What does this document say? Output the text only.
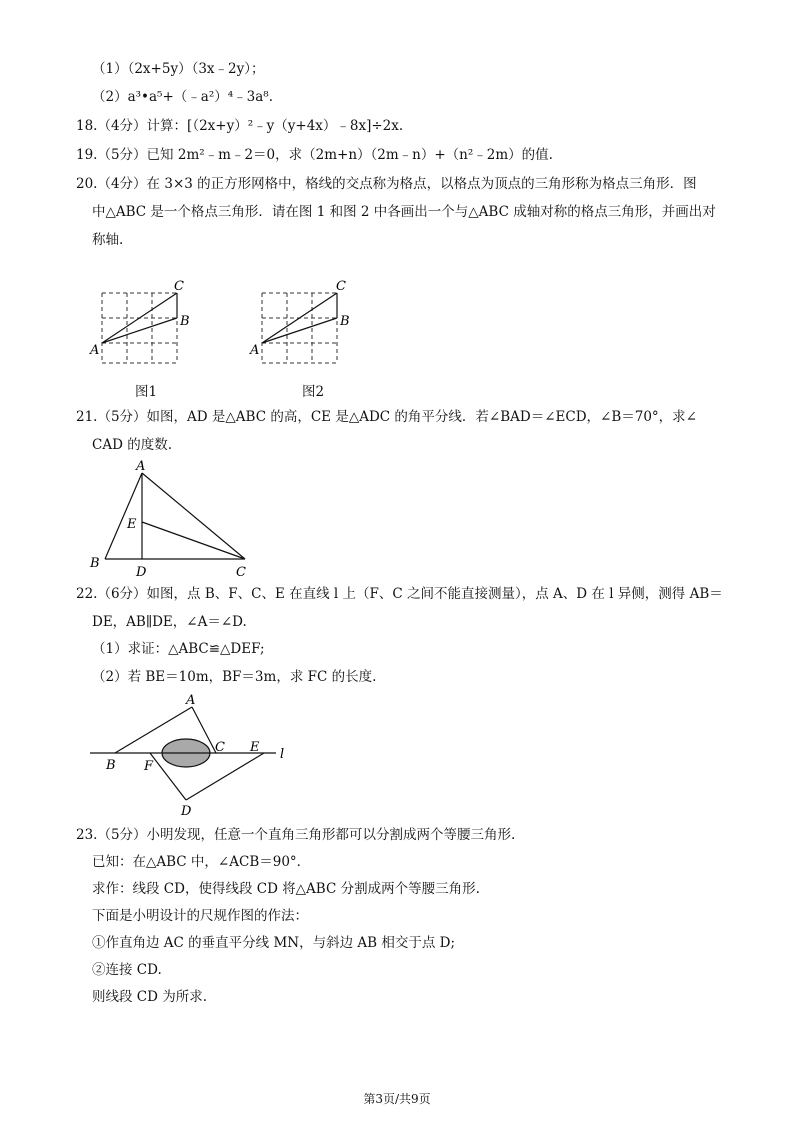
（1）（2x+5y）（3x﹣2y）；
（2）a³•a⁵+（﹣a²）⁴﹣3a⁸.
18.（4分）计算：[（2x+y）²﹣y（y+4x）﹣8x]÷2x.
19.（5分）已知 2m²﹣m﹣2＝0，求（2m+n）（2m﹣n）+（n²﹣2m）的值.
20.（4分）在 3×3 的正方形网格中，格线的交点称为格点，以格点为顶点的三角形称为格点三角形．图
中△ABC 是一个格点三角形．请在图 1 和图 2 中各画出一个与△ABC 成轴对称的格点三角形，并画出对
称轴.
A
B
C
图1
A
B
C
图2
21.（5分）如图，AD 是△ABC 的高，CE 是△ADC 的角平分线．若∠BAD＝∠ECD，∠B＝70°，求∠
CAD 的度数.
A
E
B
D	C
22.（6分）如图，点 B、F、C、E 在直线 l 上（F、C 之间不能直接测量），点 A、D 在 l 异侧，测得 AB＝
DE，AB∥DE，∠A＝∠D.
（1）求证：△ABC≌△DEF;
（2）若 BE＝10m，BF＝3m，求 FC 的长度.
A
B F
C E l
D
23.（5分）小明发现，任意一个直角三角形都可以分割成两个等腰三角形.
已知：在△ABC 中，∠ACB＝90°．
求作：线段 CD，使得线段 CD 将△ABC 分割成两个等腰三角形.
下面是小明设计的尺规作图的作法：
①作直角边 AC 的垂直平分线 MN，与斜边 AB 相交于点 D;
②连接 CD.
则线段 CD 为所求.
第3页/共9页
